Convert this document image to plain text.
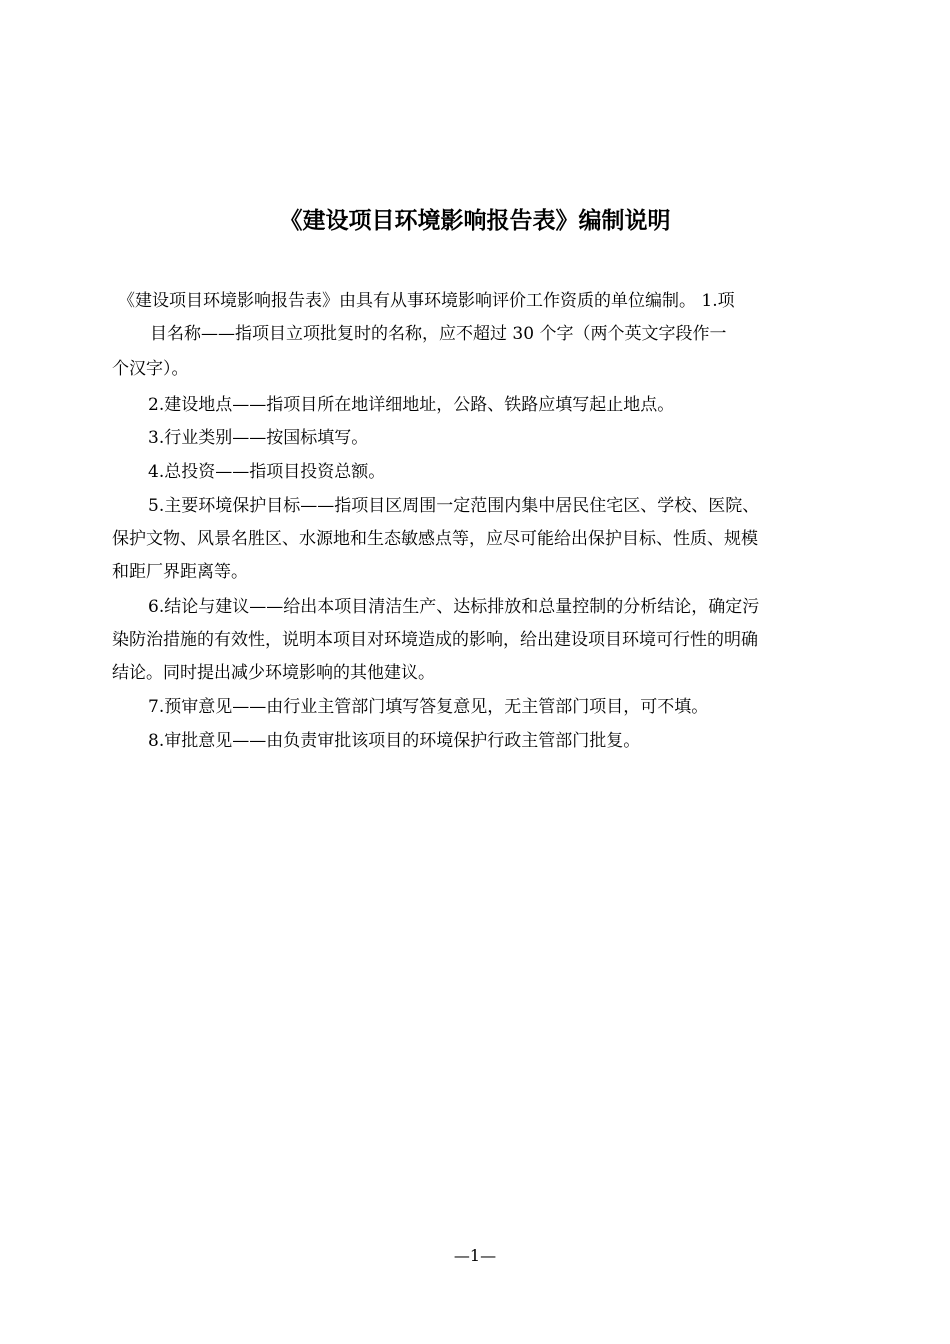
《建设项目环境影响报告表》编制说明
《建设项目环境影响报告表》由具有从事环境影响评价工作资质的单位编制。 1.项
目名称——指项目立项批复时的名称，应不超过 30 个字（两个英文字段作一
个汉字）。
2.建设地点——指项目所在地详细地址，公路、铁路应填写起止地点。
3.行业类别——按国标填写。
4.总投资——指项目投资总额。
5.主要环境保护目标——指项目区周围一定范围内集中居民住宅区、学校、医院、
保护文物、风景名胜区、水源地和生态敏感点等，应尽可能给出保护目标、性质、规模
和距厂界距离等。
6.结论与建议——给出本项目清洁生产、达标排放和总量控制的分析结论，确定污
染防治措施的有效性，说明本项目对环境造成的影响，给出建设项目环境可行性的明确
结论。同时提出减少环境影响的其他建议。
7.预审意见——由行业主管部门填写答复意见，无主管部门项目，可不填。
8.审批意见——由负责审批该项目的环境保护行政主管部门批复。
—1—
